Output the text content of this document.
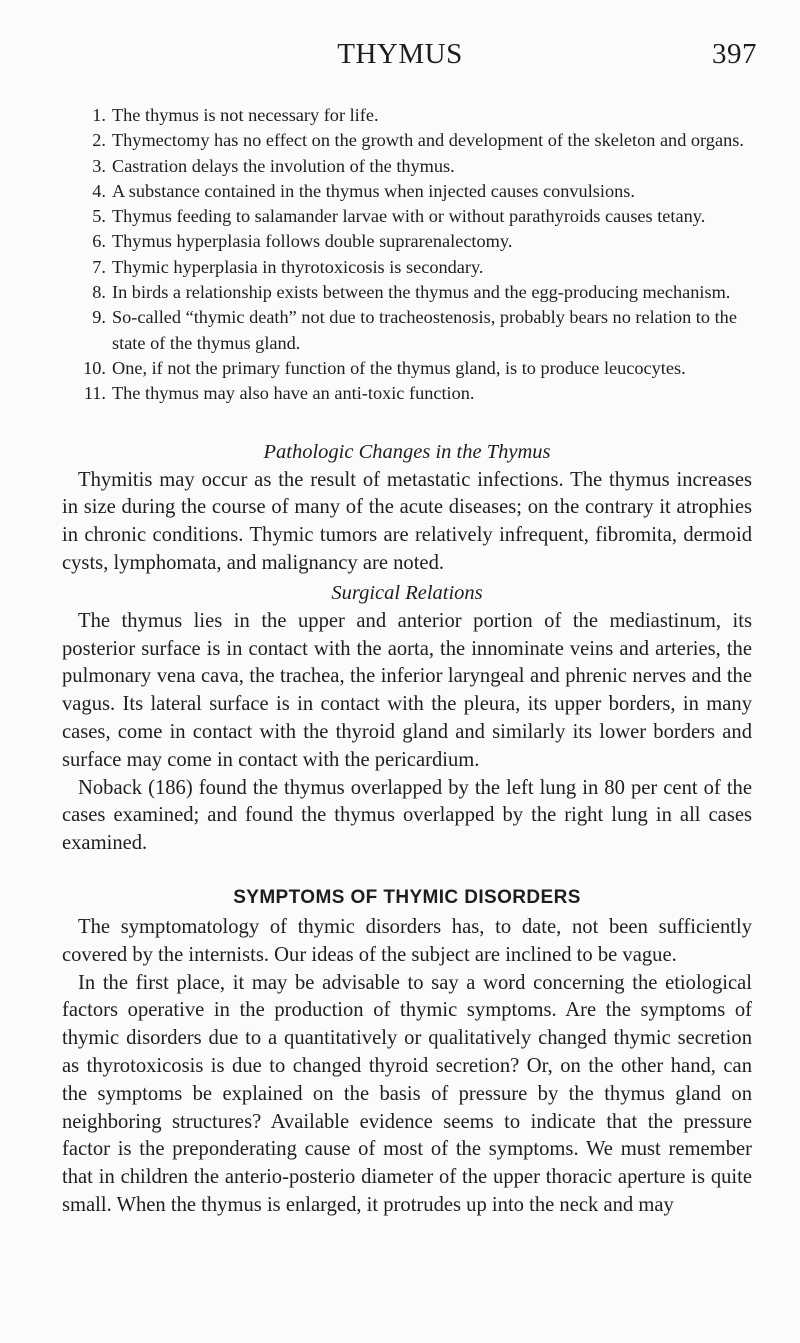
THYMUS	397
1. The thymus is not necessary for life.
2. Thymectomy has no effect on the growth and development of the skeleton and organs.
3. Castration delays the involution of the thymus.
4. A substance contained in the thymus when injected causes convulsions.
5. Thymus feeding to salamander larvae with or without parathyroids causes tetany.
6. Thymus hyperplasia follows double suprarenalectomy.
7. Thymic hyperplasia in thyrotoxicosis is secondary.
8. In birds a relationship exists between the thymus and the egg-producing mechanism.
9. So-called “thymic death” not due to tracheostenosis, probably bears no relation to the state of the thymus gland.
10. One, if not the primary function of the thymus gland, is to produce leucocytes.
11. The thymus may also have an anti-toxic function.
Pathologic Changes in the Thymus

Thymitis may occur as the result of metastatic infections. The thymus increases in size during the course of many of the acute diseases; on the contrary it atrophies in chronic conditions. Thymic tumors are relatively infrequent, fibromita, dermoid cysts, lymphomata, and malignancy are noted.

Surgical Relations

The thymus lies in the upper and anterior portion of the mediastinum, its posterior surface is in contact with the aorta, the innominate veins and arteries, the pulmonary vena cava, the trachea, the inferior laryngeal and phrenic nerves and the vagus. Its lateral surface is in contact with the pleura, its upper borders, in many cases, come in contact with the thyroid gland and similarly its lower borders and surface may come in contact with the pericardium.

Noback (186) found the thymus overlapped by the left lung in 80 per cent of the cases examined; and found the thymus overlapped by the right lung in all cases examined.

SYMPTOMS OF THYMIC DISORDERS

The symptomatology of thymic disorders has, to date, not been sufficiently covered by the internists. Our ideas of the subject are inclined to be vague.

In the first place, it may be advisable to say a word concerning the etiological factors operative in the production of thymic symptoms. Are the symptoms of thymic disorders due to a quantitatively or qualitatively changed thymic secretion as thyrotoxicosis is due to changed thyroid secretion? Or, on the other hand, can the symptoms be explained on the basis of pressure by the thymus gland on neighboring structures? Available evidence seems to indicate that the pressure factor is the preponderating cause of most of the symptoms. We must remember that in children the anterio-posterio diameter of the upper thoracic aperture is quite small. When the thymus is enlarged, it protrudes up into the neck and may
